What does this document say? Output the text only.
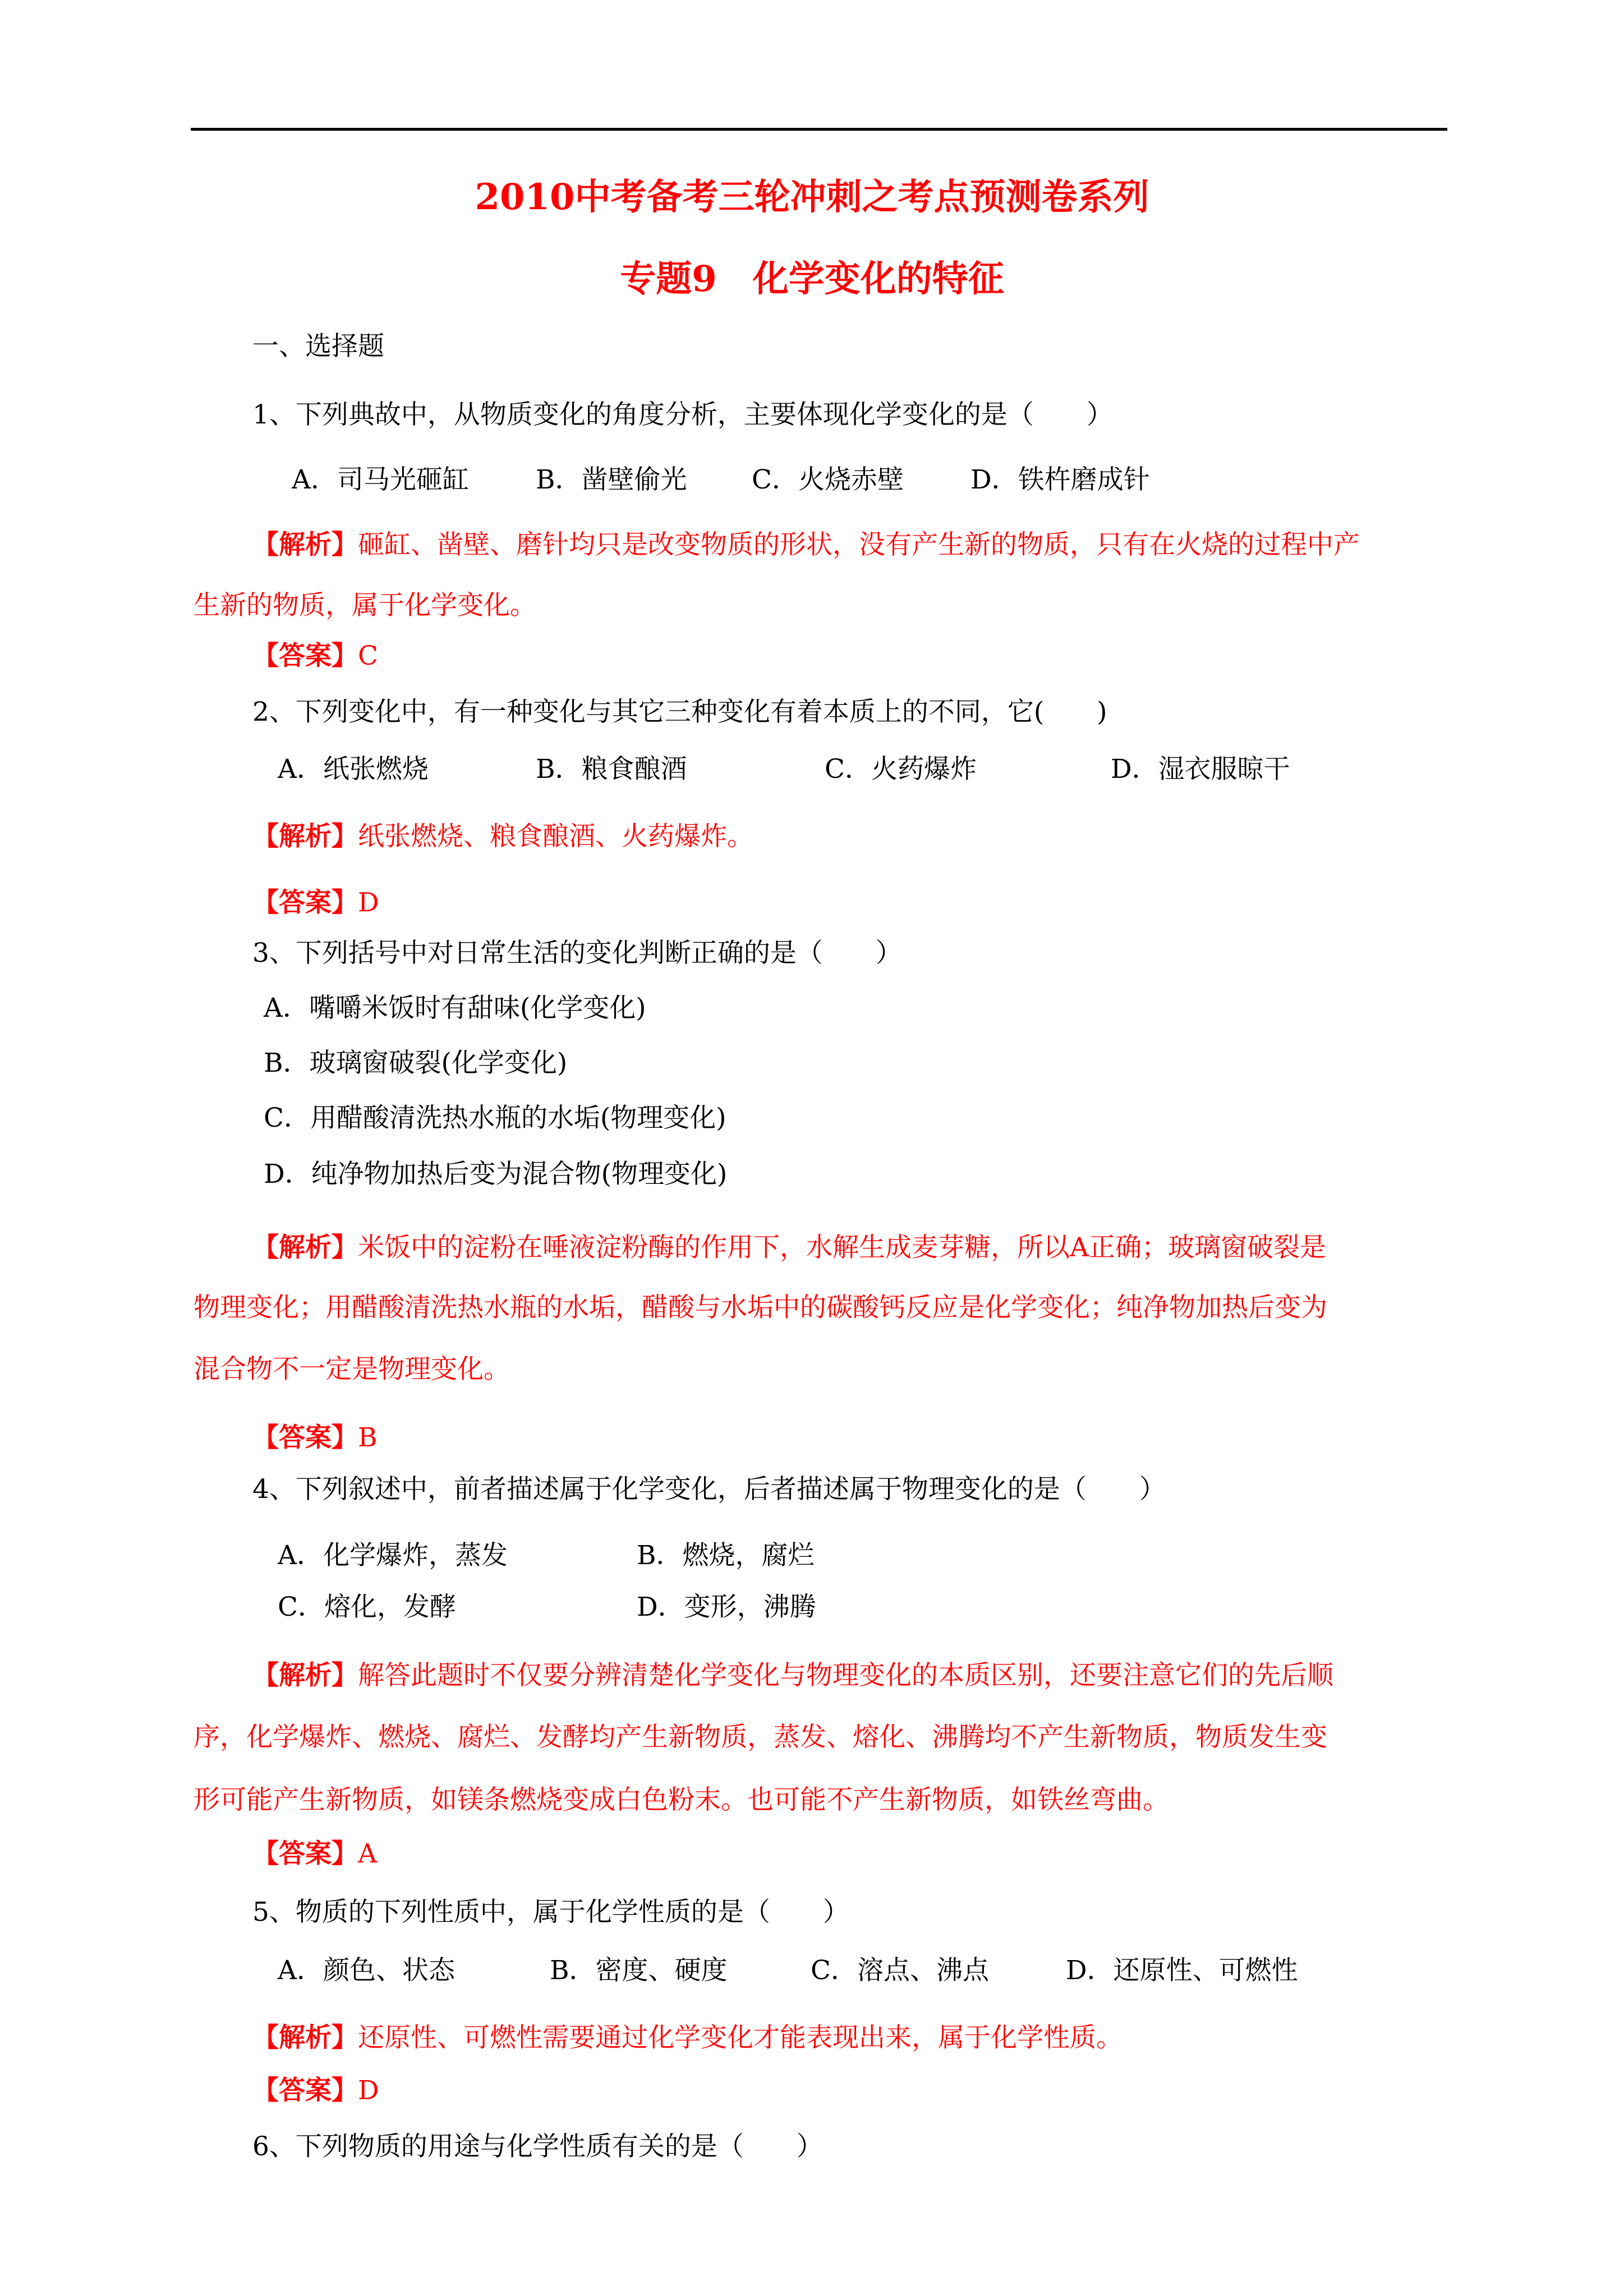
2010中考备考三轮冲刺之考点预测卷系列
专题9　化学变化的特征
一、选择题
1、下列典故中，从物质变化的角度分析，主要体现化学变化的是（　　）
A．司马光砸缸	B．凿壁偷光 C．火烧赤壁	D．铁杵磨成针
【解析】砸缸、凿壁、磨针均只是改变物质的形状，没有产生新的物质，只有在火烧的过程中产
生新的物质，属于化学变化。
【答案】C
2、下列变化中，有一种变化与其它三种变化有着本质上的不同，它(　　)
A．纸张燃烧	B．粮食酿酒	C．火药爆炸	D．湿衣服晾干
【解析】纸张燃烧、粮食酿酒、火药爆炸。
【答案】D
3、下列括号中对日常生活的变化判断正确的是（　　）
A．嘴嚼米饭时有甜味(化学变化)
B．玻璃窗破裂(化学变化)
C．用醋酸清洗热水瓶的水垢(物理变化)
D．纯净物加热后变为混合物(物理变化)
【解析】米饭中的淀粉在唾液淀粉酶的作用下，水解生成麦芽糖，所以A正确；玻璃窗破裂是
物理变化；用醋酸清洗热水瓶的水垢，醋酸与水垢中的碳酸钙反应是化学变化；纯净物加热后变为
混合物不一定是物理变化。
【答案】B
4、下列叙述中，前者描述属于化学变化，后者描述属于物理变化的是（　　）
A．化学爆炸，蒸发	B．燃烧，腐烂
C．熔化，发酵	D．变形，沸腾
【解析】解答此题时不仅要分辨清楚化学变化与物理变化的本质区别，还要注意它们的先后顺
序，化学爆炸、燃烧、腐烂、发酵均产生新物质，蒸发、熔化、沸腾均不产生新物质，物质发生变
形可能产生新物质，如镁条燃烧变成白色粉末。也可能不产生新物质，如铁丝弯曲。
【答案】A
5、物质的下列性质中，属于化学性质的是（　　）
A．颜色、状态	B．密度、硬度	C．溶点、沸点	D．还原性、可燃性
【解析】还原性、可燃性需要通过化学变化才能表现出来，属于化学性质。
【答案】D
6、下列物质的用途与化学性质有关的是（　　）
